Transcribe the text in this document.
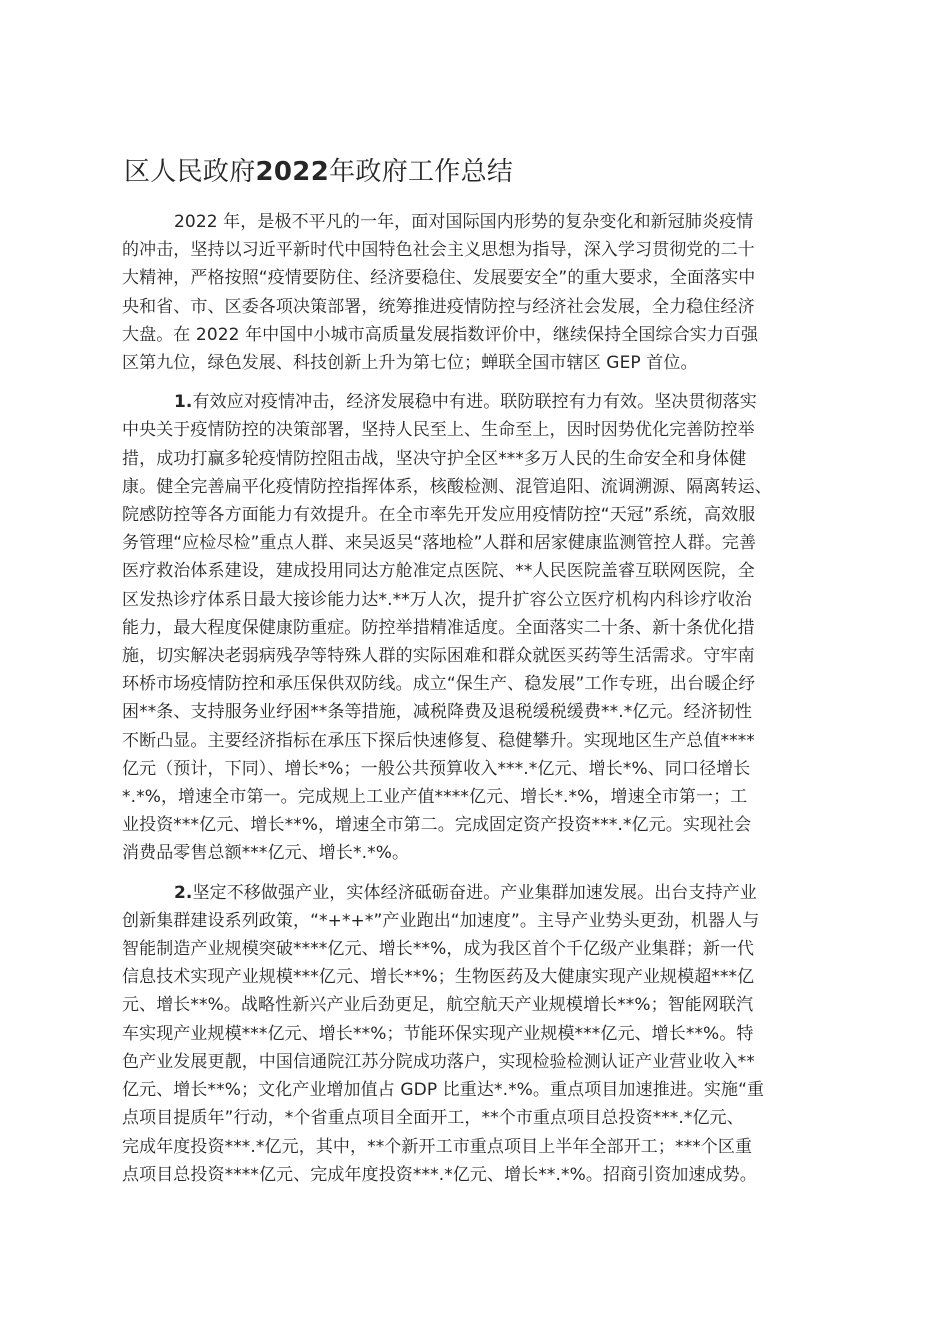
区人民政府2022年政府工作总结

2022 年，是极不平凡的一年，面对国际国内形势的复杂变化和新冠肺炎疫情
的冲击，坚持以习近平新时代中国特色社会主义思想为指导，深入学习贯彻党的二十
大精神，严格按照“疫情要防住、经济要稳住、发展要安全”的重大要求，全面落实中
央和省、市、区委各项决策部署，统筹推进疫情防控与经济社会发展，全力稳住经济
大盘。在 2022 年中国中小城市高质量发展指数评价中，继续保持全国综合实力百强
区第九位，绿色发展、科技创新上升为第七位；蝉联全国市辖区 GEP 首位。

1.有效应对疫情冲击，经济发展稳中有进。联防联控有力有效。坚决贯彻落实
中央关于疫情防控的决策部署，坚持人民至上、生命至上，因时因势优化完善防控举
措，成功打赢多轮疫情防控阻击战，坚决守护全区***多万人民的生命安全和身体健
康。健全完善扁平化疫情防控指挥体系，核酸检测、混管追阳、流调溯源、隔离转运、
院感防控等各方面能力有效提升。在全市率先开发应用疫情防控“天冠”系统，高效服
务管理“应检尽检”重点人群、来吴返吴“落地检”人群和居家健康监测管控人群。完善
医疗救治体系建设，建成投用同达方舱准定点医院、**人民医院盖睿互联网医院，全
区发热诊疗体系日最大接诊能力达*.**万人次，提升扩容公立医疗机构内科诊疗收治
能力，最大程度保健康防重症。防控举措精准适度。全面落实二十条、新十条优化措
施，切实解决老弱病残孕等特殊人群的实际困难和群众就医买药等生活需求。守牢南
环桥市场疫情防控和承压保供双防线。成立“保生产、稳发展”工作专班，出台暖企纾
困**条、支持服务业纾困**条等措施，减税降费及退税缓税缓费**.*亿元。经济韧性
不断凸显。主要经济指标在承压下探后快速修复、稳健攀升。实现地区生产总值****
亿元（预计，下同）、增长*%；一般公共预算收入***.*亿元、增长*%、同口径增长
*.*%，增速全市第一。完成规上工业产值****亿元、增长*.*%，增速全市第一；工
业投资***亿元、增长**%，增速全市第二。完成固定资产投资***.*亿元。实现社会
消费品零售总额***亿元、增长*.*%。

2.坚定不移做强产业，实体经济砥砺奋进。产业集群加速发展。出台支持产业
创新集群建设系列政策，“*+*+*”产业跑出“加速度”。主导产业势头更劲，机器人与
智能制造产业规模突破****亿元、增长**%，成为我区首个千亿级产业集群；新一代
信息技术实现产业规模***亿元、增长**%；生物医药及大健康实现产业规模超***亿
元、增长**%。战略性新兴产业后劲更足，航空航天产业规模增长**%；智能网联汽
车实现产业规模***亿元、增长**%；节能环保实现产业规模***亿元、增长**%。特
色产业发展更靓，中国信通院江苏分院成功落户，实现检验检测认证产业营业收入**
亿元、增长**%；文化产业增加值占 GDP 比重达*.*%。重点项目加速推进。实施“重
点项目提质年”行动，*个省重点项目全面开工，**个市重点项目总投资***.*亿元、
完成年度投资***.*亿元，其中，**个新开工市重点项目上半年全部开工；***个区重
点项目总投资****亿元、完成年度投资***.*亿元、增长**.*%。招商引资加速成势。
